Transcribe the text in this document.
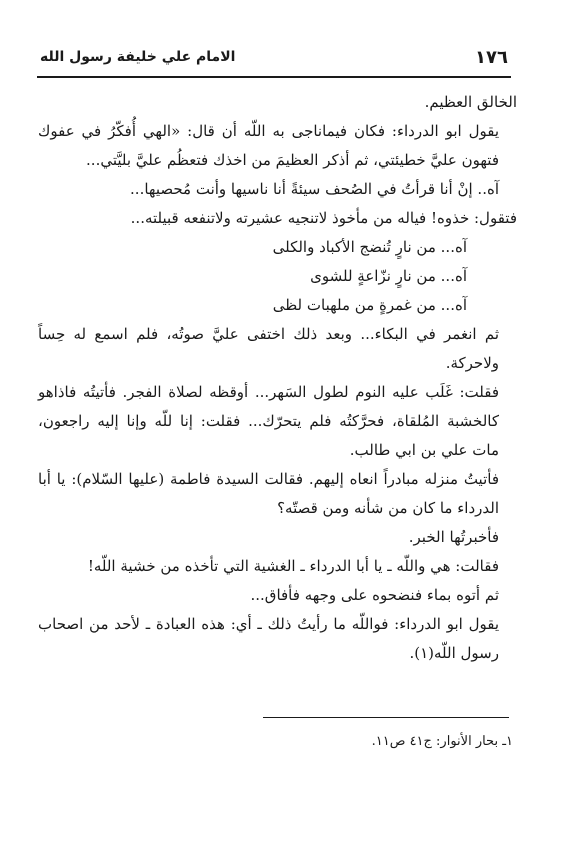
١٧٦
الامام علي خليفة رسول الله

الخالق العظيم.

يقول ابو الدرداء: فكان فيماناجى به اللّه أن قال: «الهي أُفكّرُ في عفوك فتهون عليَّ خطيئتي، ثم أذكر العظيمَ من اخذك فتعظُم عليَّ بليَّتي...

آه.. إنْ أنا قرأتُ في الصُحف سيئةً أنا ناسيها وأنت مُحصيها...

فتقول: خذوه! فياله من مأخوذ لاتنجيه عشيرته ولاتنفعه قبيلته...

آه... من نارٍ تُنضج الأكباد والكلى

آه... من نارٍ نزّاعةٍ للشوى

آه... من غمرةٍ من ملهبات لظى

ثم انغمر في البكاء... وبعد ذلك اختفى عليَّ صوتُه، فلم اسمع له حِساً ولاحركة.

فقلت: غَلَب عليه النوم لطول السَهر... أوقظه لصلاة الفجر. فأتيتُه فاذاهو كالخشبة المُلقاة، فحرَّكتُه فلم يتحرّك... فقلت: إنا للّه وإنا إليه راجعون، مات علي بن ابي طالب.

فأتيتُ منزله مبادراً انعاه إليهم. فقالت السيدة فاطمة (عليها السّلام): يا أبا الدرداء ما كان من شأنه ومن قصتّه؟

فأخبرتُها الخبر.

فقالت: هي واللّه ـ يا أبا الدرداء ـ الغشية التي تأخذه من خشية اللّه!

ثم أتوه بماء فنضحوه على وجهه فأفاق...

يقول ابو الدرداء: فواللّه ما رأيتُ ذلك ـ أي: هذه العبادة ـ لأحد من اصحاب رسول اللّه(١).

١ـ بحار الأنوار: ج٤١ ص١١.
